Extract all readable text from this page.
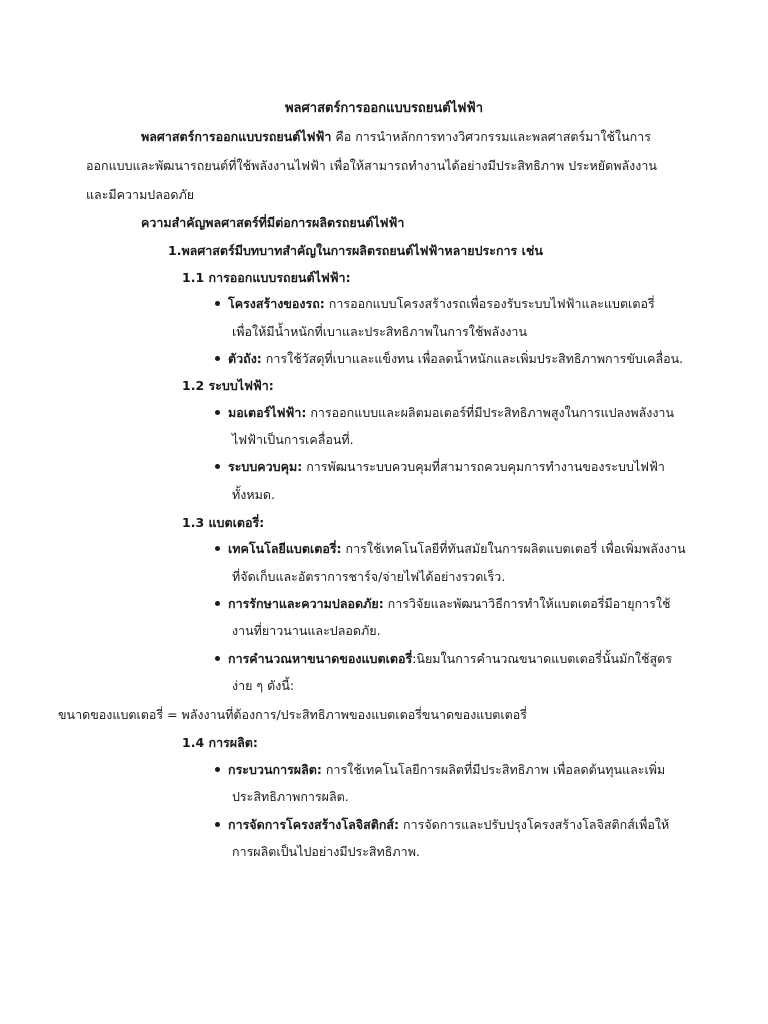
พลศาสตร์การออกแบบรถยนต์ไฟฟ้า
พลศาสตร์การออกแบบรถยนต์ไฟฟ้า คือ การนำหลักการทางวิศวกรรมและพลศาสตร์มาใช้ในการ
ออกแบบและพัฒนารถยนต์ที่ใช้พลังงานไฟฟ้า เพื่อให้สามารถทำงานได้อย่างมีประสิทธิภาพ ประหยัดพลังงาน
และมีความปลอดภัย
ความสำคัญพลศาสตร์ที่มีต่อการผลิตรถยนต์ไฟฟ้า
1.พลศาสตร์มีบทบาทสำคัญในการผลิตรถยนต์ไฟฟ้าหลายประการ เช่น
1.1 การออกแบบรถยนต์ไฟฟ้า:
โครงสร้างของรถ: การออกแบบโครงสร้างรถเพื่อรองรับระบบไฟฟ้าและแบตเตอรี่
เพื่อให้มีน้ำหนักที่เบาและประสิทธิภาพในการใช้พลังงาน
ตัวถัง: การใช้วัสดุที่เบาและแข็งทน เพื่อลดน้ำหนักและเพิ่มประสิทธิภาพการขับเคลื่อน.
1.2 ระบบไฟฟ้า:
มอเตอร์ไฟฟ้า: การออกแบบและผลิตมอเตอร์ที่มีประสิทธิภาพสูงในการแปลงพลังงาน
ไฟฟ้าเป็นการเคลื่อนที่.
ระบบควบคุม: การพัฒนาระบบควบคุมที่สามารถควบคุมการทำงานของระบบไฟฟ้า
ทั้งหมด.
1.3 แบตเตอรี่:
เทคโนโลยีแบตเตอรี่: การใช้เทคโนโลยีที่ทันสมัยในการผลิตแบตเตอรี่ เพื่อเพิ่มพลังงาน
ที่จัดเก็บและอัตราการชาร์จ/จ่ายไฟได้อย่างรวดเร็ว.
การรักษาและความปลอดภัย: การวิจัยและพัฒนาวิธีการทำให้แบตเตอรี่มีอายุการใช้
งานที่ยาวนานและปลอดภัย.
การคำนวณหาขนาดของแบตเตอรี่:นิยมในการคำนวณขนาดแบตเตอรี่นั้นมักใช้สูตร
ง่าย ๆ ดังนี้:
ขนาดของแบตเตอรี่ = พลังงานที่ต้องการ/ประสิทธิภาพของแบตเตอรี่ขนาดของแบตเตอรี่
1.4 การผลิต:
กระบวนการผลิต: การใช้เทคโนโลยีการผลิตที่มีประสิทธิภาพ เพื่อลดต้นทุนและเพิ่ม
ประสิทธิภาพการผลิต.
การจัดการโครงสร้างโลจิสติกส์: การจัดการและปรับปรุงโครงสร้างโลจิสติกส์เพื่อให้
การผลิตเป็นไปอย่างมีประสิทธิภาพ.
